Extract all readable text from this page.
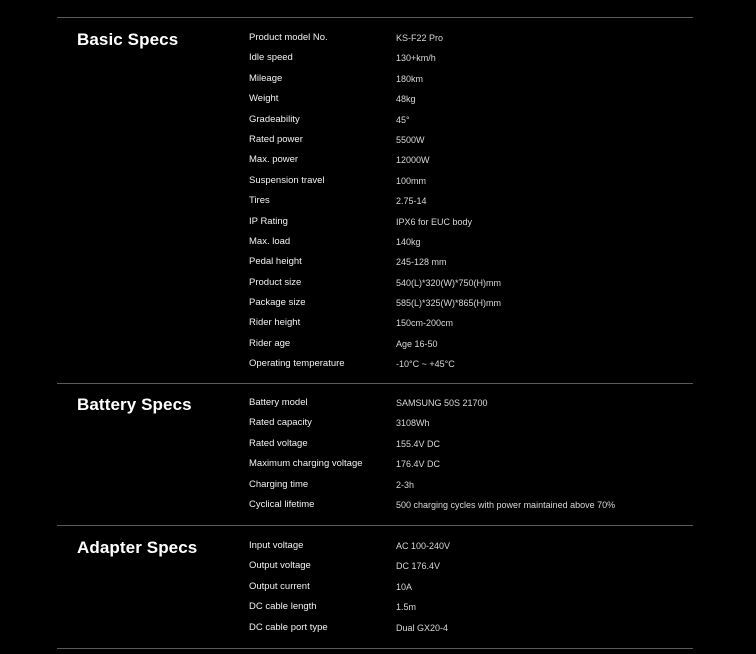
Basic Specs	Product model No.	KS-F22 Pro
Idle speed	130+km/h
Mileage	180km
Weight	48kg
Gradeability	45°
Rated power	5500W
Max. power	12000W
Suspension travel	100mm
Tires	2.75-14
IP Rating	IPX6 for EUC body
Max. load	140kg
Pedal height	245-128 mm
Product size	540(L)*320(W)*750(H)mm
Package size	585(L)*325(W)*865(H)mm
Rider height	150cm-200cm
Rider age	Age 16-50
Operating temperature	-10°C ~ +45°C
Battery Specs	Battery model	SAMSUNG 50S 21700
Rated capacity	3108Wh
Rated voltage	155.4V DC
Maximum charging voltage	176.4V DC
Charging time	2-3h
Cyclical lifetime	500 charging cycles with power maintained above 70%
Adapter Specs	Input voltage	AC 100-240V
Output voltage	DC 176.4V
Output current	10A
DC cable length	1.5m
DC cable port type	Dual GX20-4
